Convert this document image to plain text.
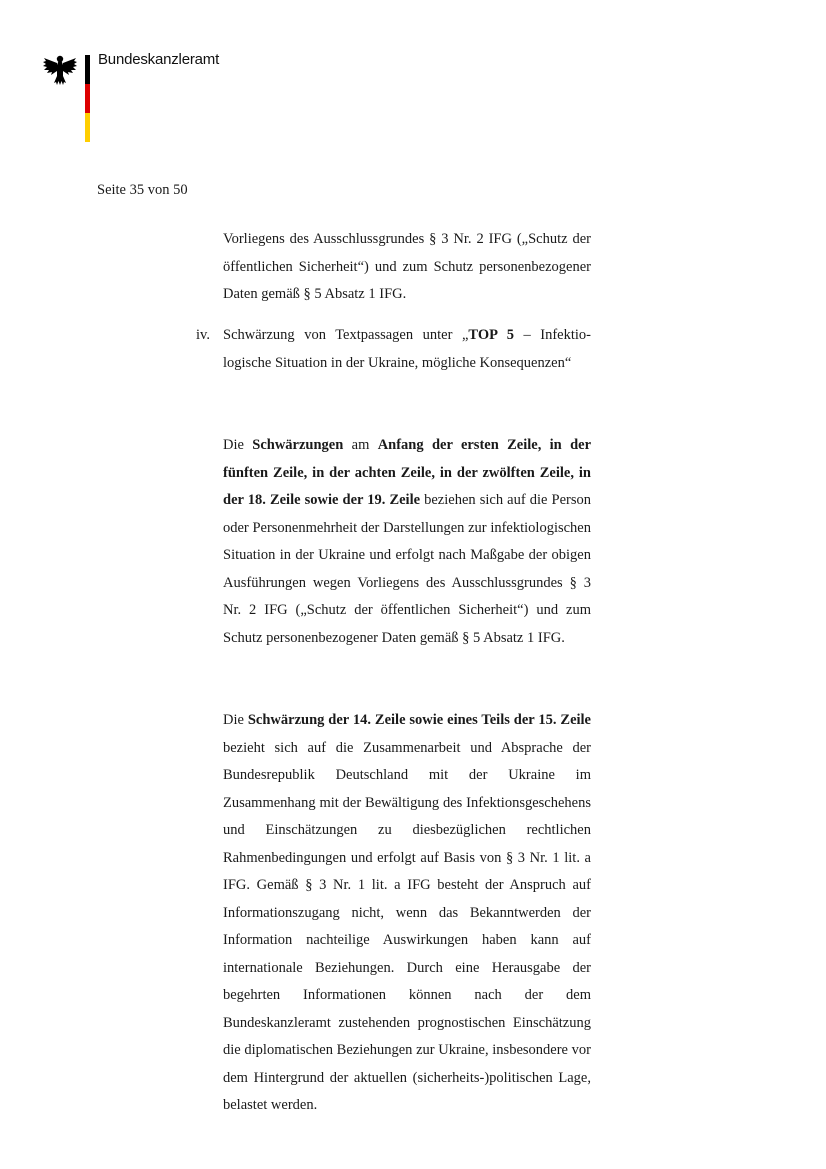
Bundeskanzleramt
Seite 35 von 50
Vorliegens des Ausschlussgrundes § 3 Nr. 2 IFG („Schutz der öffentlichen Sicherheit“) und zum Schutz personenbezogener Daten gemäß § 5 Absatz 1 IFG.
iv. Schwärzung von Textpassagen unter „TOP 5 – Infektiologische Situation in der Ukraine, mögliche Konsequenzen“
Die Schwärzungen am Anfang der ersten Zeile, in der fünften Zeile, in der achten Zeile, in der zwölften Zeile, in der 18. Zeile sowie der 19. Zeile beziehen sich auf die Person oder Personenmehrheit der Darstellungen zur infektiologischen Situation in der Ukraine und erfolgt nach Maßgabe der obigen Ausführungen wegen Vorliegens des Ausschlussgrundes § 3 Nr. 2 IFG („Schutz der öffentlichen Sicherheit“) und zum Schutz personenbezogener Daten gemäß § 5 Absatz 1 IFG.
Die Schwärzung der 14. Zeile sowie eines Teils der 15. Zeile bezieht sich auf die Zusammenarbeit und Absprache der Bundesrepublik Deutschland mit der Ukraine im Zusammenhang mit der Bewältigung des Infektionsgeschehens und Einschätzungen zu diesbezüglichen rechtlichen Rahmenbedingungen und erfolgt auf Basis von § 3 Nr. 1 lit. a IFG. Gemäß § 3 Nr. 1 lit. a IFG besteht der Anspruch auf Informationszugang nicht, wenn das Bekanntwerden der Information nachteilige Auswirkungen haben kann auf internationale Beziehungen. Durch eine Herausgabe der begehrten Informationen können nach der dem Bundeskanzleramt zustehenden prognostischen Einschätzung die diplomatischen Beziehungen zur Ukraine, insbesondere vor dem Hintergrund der aktuellen (sicherheits-)politischen Lage, belastet werden.
